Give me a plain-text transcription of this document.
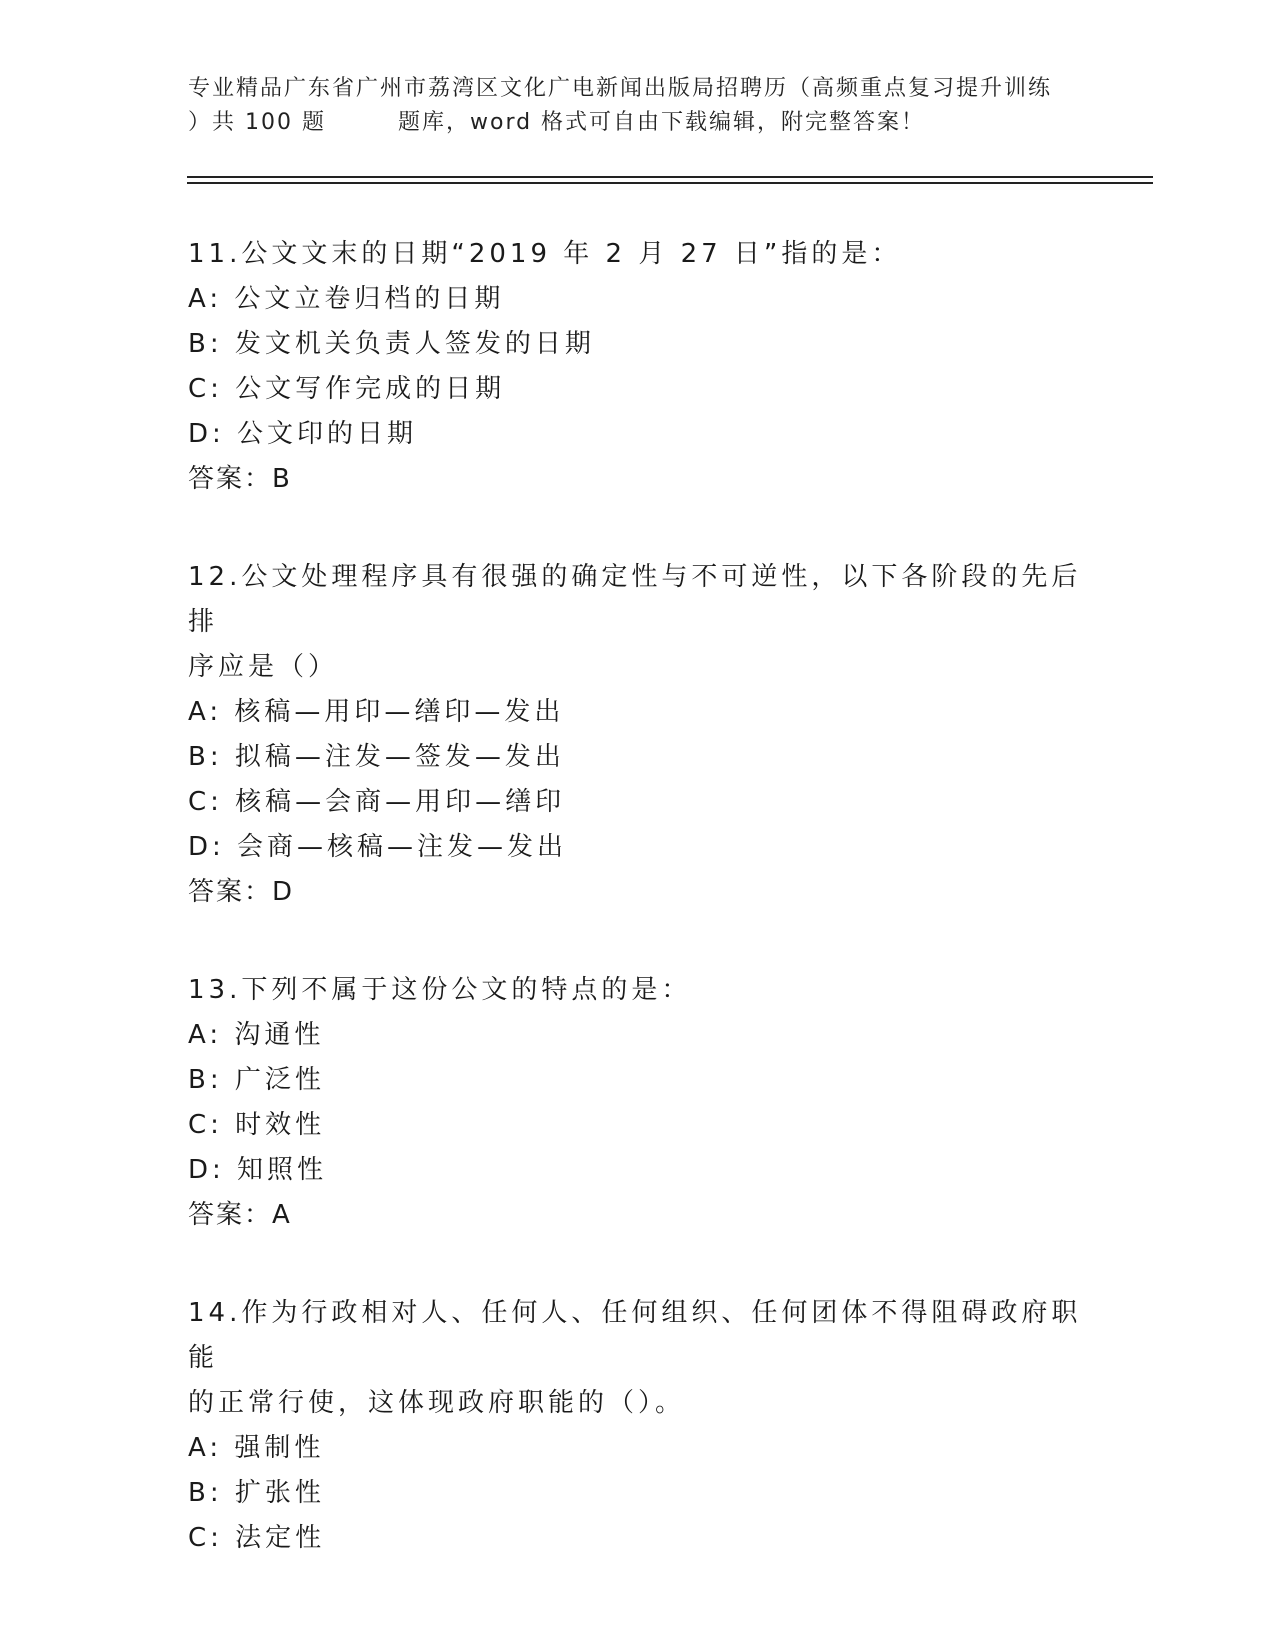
专业精品广东省广州市荔湾区文化广电新闻出版局招聘历（高频重点复习提升训练
）共 100 题	题库，word 格式可自由下载编辑，附完整答案！
11.公文文末的日期“2019 年 2 月 27 日”指的是：
A: 公文立卷归档的日期
B: 发文机关负责人签发的日期
C: 公文写作完成的日期
D: 公文印的日期
答案：B
12.公文处理程序具有很强的确定性与不可逆性，以下各阶段的先后排
序应是（）
A: 核稿—用印—缮印—发出
B: 拟稿—注发—签发—发出
C: 核稿—会商—用印—缮印
D: 会商—核稿—注发—发出
答案：D
13.下列不属于这份公文的特点的是：
A: 沟通性
B: 广泛性
C: 时效性
D: 知照性
答案：A
14.作为行政相对人、任何人、任何组织、任何团体不得阻碍政府职能
的正常行使，这体现政府职能的（）。
A: 强制性
B: 扩张性
C: 法定性
